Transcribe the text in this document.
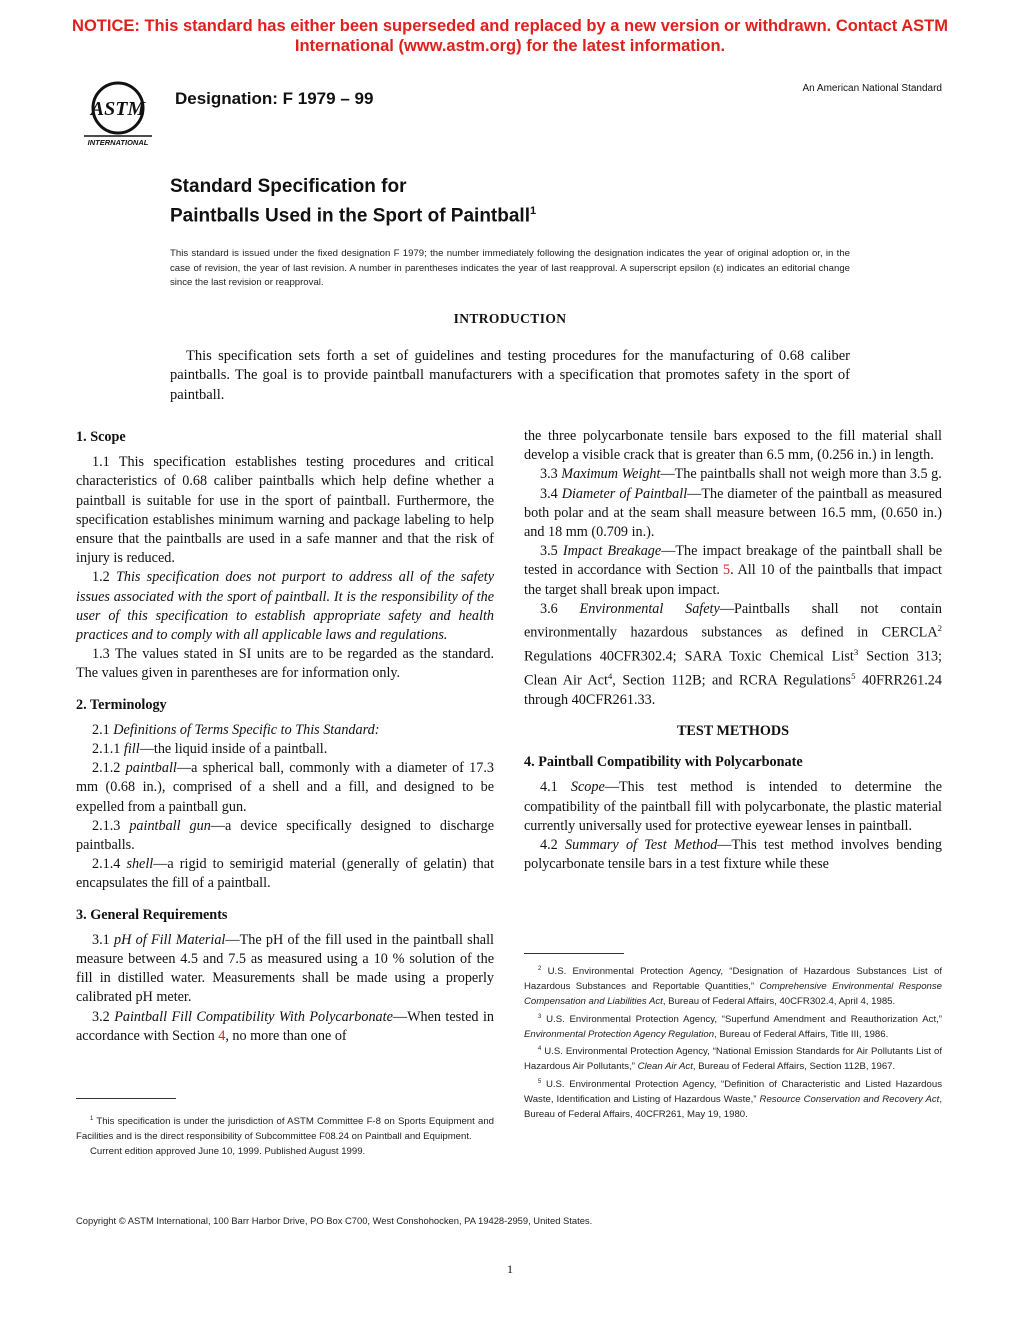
NOTICE: This standard has either been superseded and replaced by a new version or withdrawn. Contact ASTM International (www.astm.org) for the latest information.
ASTM
INTERNATIONAL
Designation: F 1979 – 99
An American National Standard
Standard Specification for
Paintballs Used in the Sport of Paintball$^1$
This standard is issued under the fixed designation F 1979; the number immediately following the designation indicates the year of original adoption or, in the case of revision, the year of last revision. A number in parentheses indicates the year of last reapproval. A superscript epsilon (ε) indicates an editorial change since the last revision or reapproval.
INTRODUCTION
This specification sets forth a set of guidelines and testing procedures for the manufacturing of 0.68 caliber paintballs. The goal is to provide paintball manufacturers with a specification that promotes safety in the sport of paintball.

1. Scope

1.1 This specification establishes testing procedures and critical characteristics of 0.68 caliber paintballs which help define whether a paintball is suitable for use in the sport of paintball. Furthermore, the specification establishes minimum warning and package labeling to help ensure that the paintballs are used in a safe manner and that the risk of injury is reduced.

1.2 This specification does not purport to address all of the safety issues associated with the sport of paintball. It is the responsibility of the user of this specification to establish appropriate safety and health practices and to comply with all applicable laws and regulations.

1.3 The values stated in SI units are to be regarded as the standard. The values given in parentheses are for information only.

2. Terminology

2.1 Definitions of Terms Specific to This Standard:

2.1.1 fill—the liquid inside of a paintball.

2.1.2 paintball—a spherical ball, commonly with a diameter of 17.3 mm (0.68 in.), comprised of a shell and a fill, and designed to be expelled from a paintball gun.

2.1.3 paintball gun—a device specifically designed to discharge paintballs.

2.1.4 shell—a rigid to semirigid material (generally of gelatin) that encapsulates the fill of a paintball.

3. General Requirements

3.1 pH of Fill Material—The pH of the fill used in the paintball shall measure between 4.5 and 7.5 as measured using a 10 % solution of the fill in distilled water. Measurements shall be made using a properly calibrated pH meter.

3.2 Paintball Fill Compatibility With Polycarbonate—When tested in accordance with Section 4, no more than one of

the three polycarbonate tensile bars exposed to the fill material shall develop a visible crack that is greater than 6.5 mm, (0.256 in.) in length.

3.3 Maximum Weight—The paintballs shall not weigh more than 3.5 g.

3.4 Diameter of Paintball—The diameter of the paintball as measured both polar and at the seam shall measure between 16.5 mm, (0.650 in.) and 18 mm (0.709 in.).

3.5 Impact Breakage—The impact breakage of the paintball shall be tested in accordance with Section 5. All 10 of the paintballs that impact the target shall break upon impact.

3.6 Environmental Safety—Paintballs shall not contain environmentally hazardous substances as defined in CERCLA$^2$ Regulations 40CFR302.4; SARA Toxic Chemical List$^3$ Section 313; Clean Air Act$^4$, Section 112B; and RCRA Regulations$^5$ 40FRR261.24 through 40CFR261.33.

TEST METHODS

4. Paintball Compatibility with Polycarbonate

4.1 Scope—This test method is intended to determine the compatibility of the paintball fill with polycarbonate, the plastic material currently universally used for protective eyewear lenses in paintball.

4.2 Summary of Test Method—This test method involves bending polycarbonate tensile bars in a test fixture while these

$^1$ This specification is under the jurisdiction of ASTM Committee F-8 on Sports Equipment and Facilities and is the direct responsibility of Subcommittee F08.24 on Paintball and Equipment.

Current edition approved June 10, 1999. Published August 1999.

$^2$ U.S. Environmental Protection Agency, “Designation of Hazardous Substances List of Hazardous Substances and Reportable Quantities,” Comprehensive Environmental Response Compensation and Liabilities Act, Bureau of Federal Affairs, 40CFR302.4, April 4, 1985.

$^3$ U.S. Environmental Protection Agency, “Superfund Amendment and Reauthorization Act,” Environmental Protection Agency Regulation, Bureau of Federal Affairs, Title III, 1986.

$^4$ U.S. Environmental Protection Agency, “National Emission Standards for Air Pollutants List of Hazardous Air Pollutants,” Clean Air Act, Bureau of Federal Affairs, Section 112B, 1967.

$^5$ U.S. Environmental Protection Agency, “Definition of Characteristic and Listed Hazardous Waste, Identification and Listing of Hazardous Waste,” Resource Conservation and Recovery Act, Bureau of Federal Affairs, 40CFR261, May 19, 1980.

Copyright © ASTM International, 100 Barr Harbor Drive, PO Box C700, West Conshohocken, PA 19428-2959, United States.
1
